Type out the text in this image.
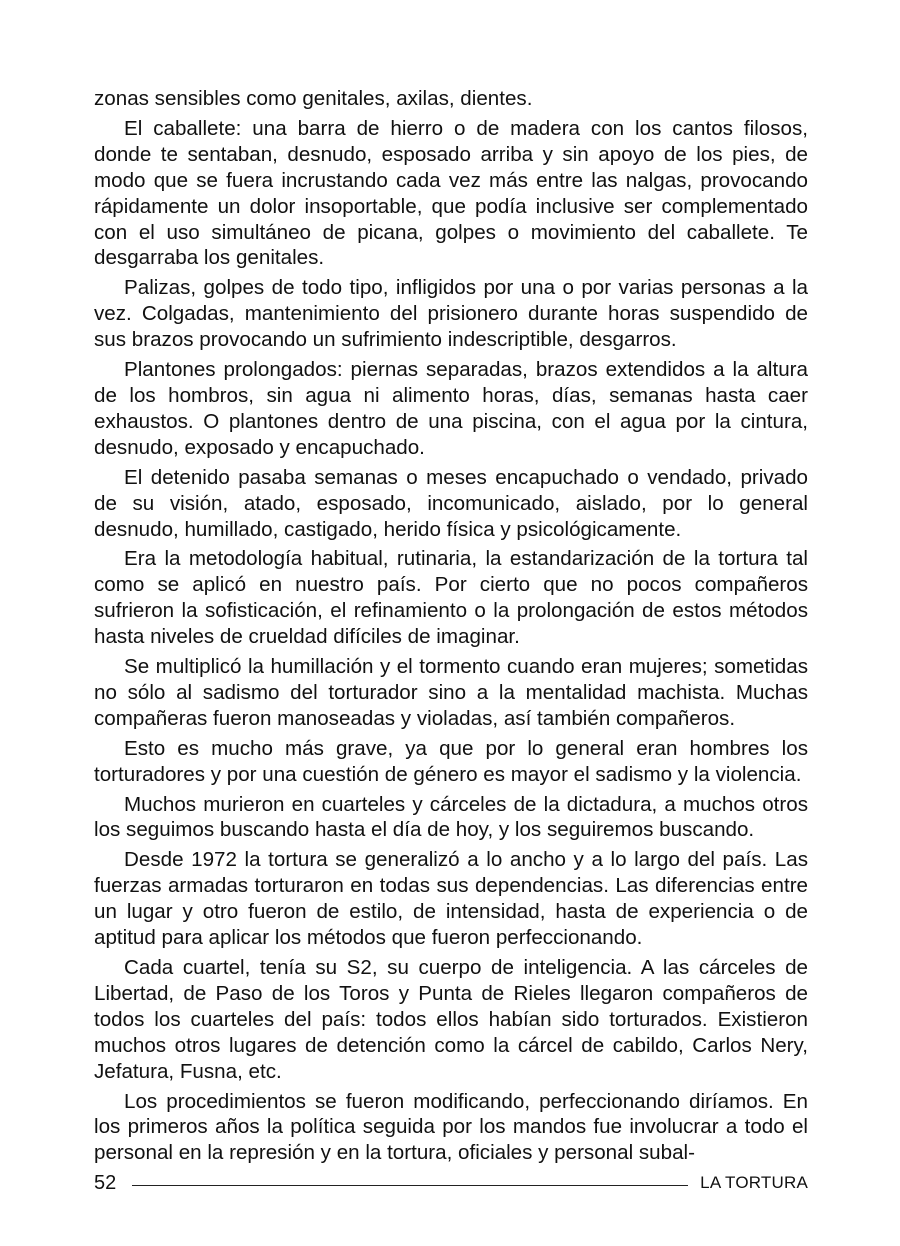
zonas sensibles como genitales, axilas, dientes.

El caballete: una barra de hierro o de madera con los cantos filosos, donde te sentaban, desnudo, esposado arriba y sin apoyo de los pies, de modo que se fuera incrustando cada vez más entre las nalgas, provocando rápidamente un dolor insoportable, que podía inclusive ser complementado con el uso simultáneo de picana, golpes o movimiento del caballete. Te desgarraba los genitales.

Palizas, golpes de todo tipo, infligidos por una o por varias personas a la vez. Colgadas, mantenimiento del prisionero durante horas suspendido de sus brazos provocando un sufrimiento indescriptible, desgarros.

Plantones prolongados: piernas separadas, brazos extendidos a la altura de los hombros, sin agua ni alimento horas, días, semanas hasta caer exhaustos. O plantones dentro de una piscina, con el agua por la cintura, desnudo, exposado y encapuchado.

El detenido pasaba semanas o meses encapuchado o vendado, privado de su visión, atado, esposado, incomunicado, aislado, por lo general desnudo, humillado, castigado, herido física y psicológicamente.

Era la metodología habitual, rutinaria, la estandarización de la tortura tal como se aplicó en nuestro país. Por cierto que no pocos compañeros sufrieron la sofisticación, el refinamiento o la prolongación de estos métodos hasta niveles de crueldad difíciles de imaginar.

Se multiplicó la humillación y el tormento cuando eran mujeres; sometidas no sólo al sadismo del torturador sino a la mentalidad machista. Muchas compañeras fueron manoseadas y violadas, así también compañeros.

Esto es mucho más grave, ya que por lo general eran hombres los torturadores y por una cuestión de género es mayor el sadismo y la violencia.

Muchos murieron en cuarteles y cárceles de la dictadura, a muchos otros los seguimos buscando hasta el día de hoy, y los seguiremos buscando.

Desde 1972 la tortura se generalizó a lo ancho y a lo largo del país. Las fuerzas armadas torturaron en todas sus dependencias. Las diferencias entre un lugar y otro fueron de estilo, de intensidad, hasta de experiencia o de aptitud para aplicar los métodos que fueron perfeccionando.

Cada cuartel, tenía su S2, su cuerpo de inteligencia. A las cárceles de Libertad, de Paso de los Toros y Punta de Rieles llegaron compañeros de todos los cuarteles del país: todos ellos habían sido torturados. Existieron muchos otros lugares de detención como la cárcel de cabildo, Carlos Nery, Jefatura, Fusna, etc.

Los procedimientos se fueron modificando, perfeccionando diríamos. En los primeros años la política seguida por los mandos fue involucrar a todo el personal en la represión y en la tortura, oficiales y personal subal-

52	LA TORTURA
